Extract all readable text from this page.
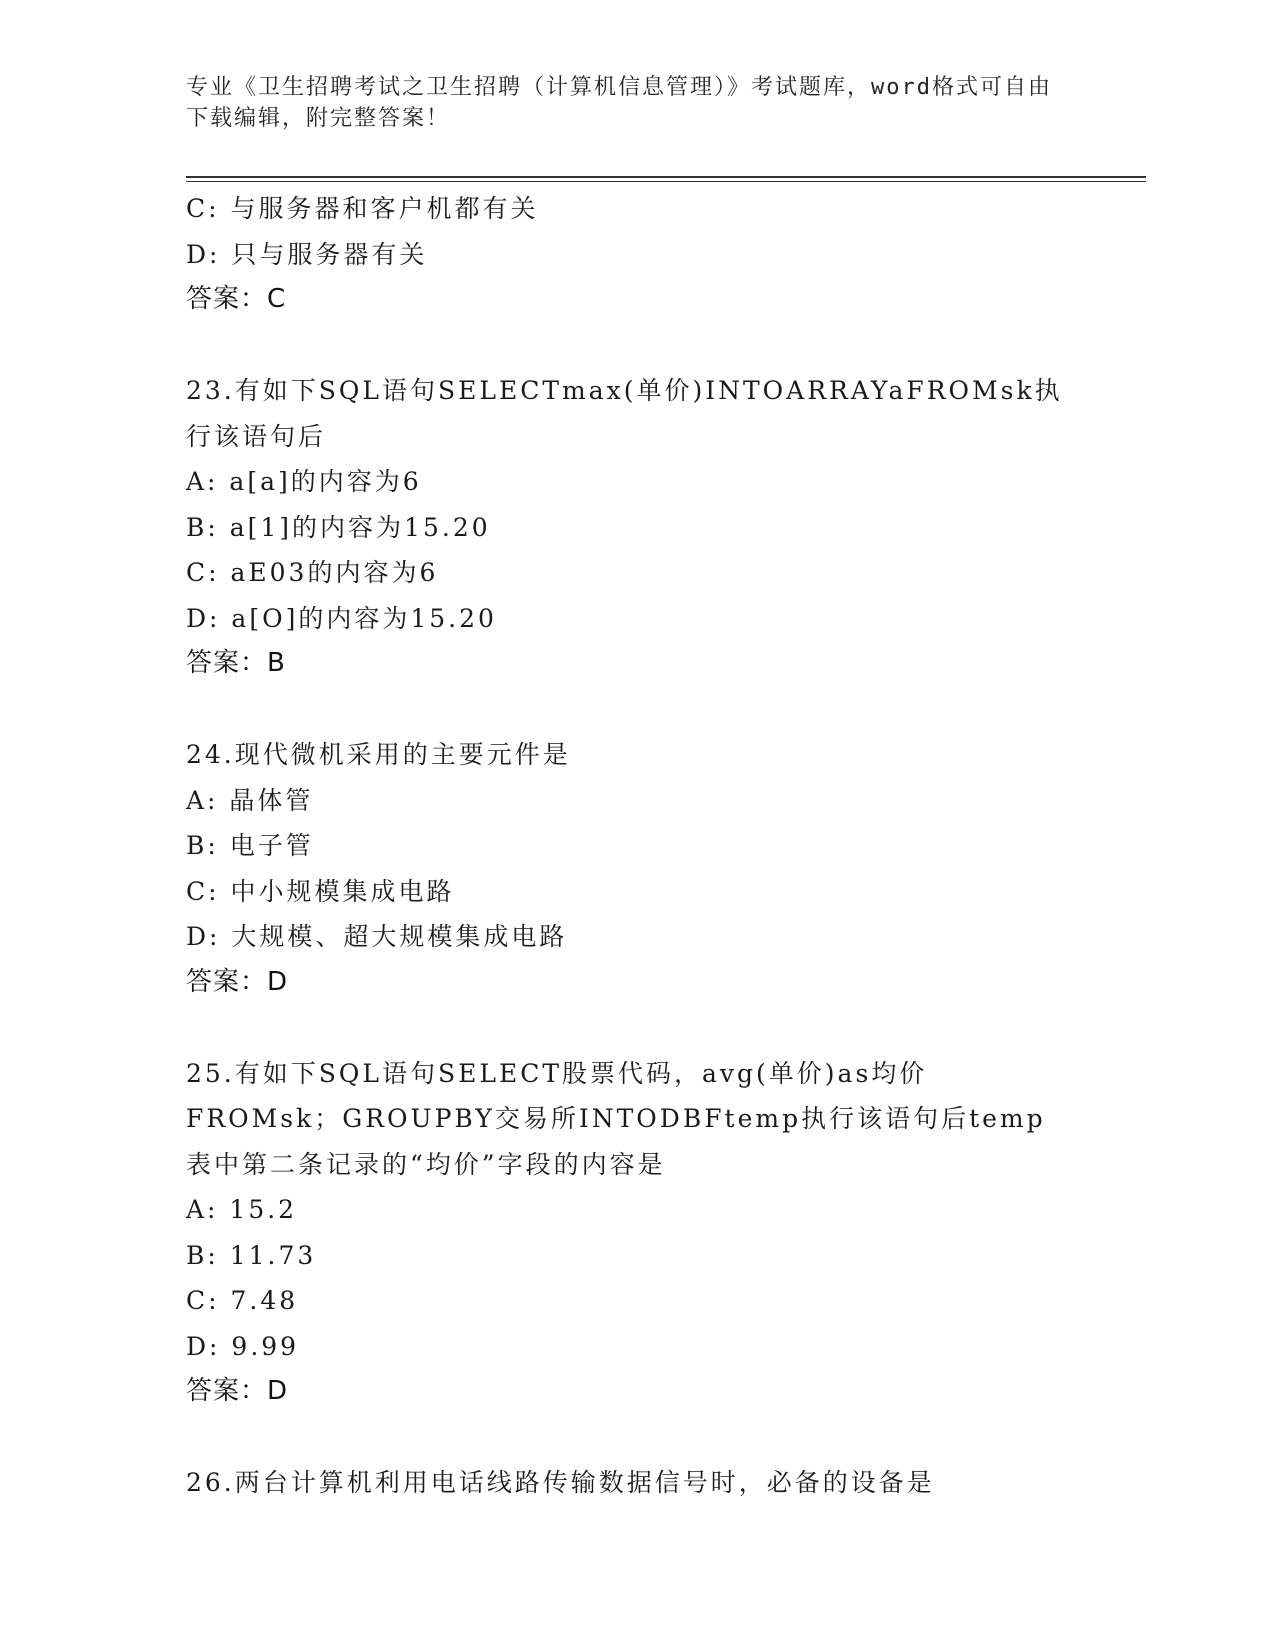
专业《卫生招聘考试之卫生招聘（计算机信息管理）》考试题库，word格式可自由下载编辑，附完整答案！
C: 与服务器和客户机都有关
D: 只与服务器有关
答案：C
23.有如下SQL语句SELECTmax(单价)INTOARRAYaFROMsk执行该语句后
A: a[a]的内容为6
B: a[1]的内容为15.20
C: aE03的内容为6
D: a[O]的内容为15.20
答案：B
24.现代微机采用的主要元件是
A: 晶体管
B: 电子管
C: 中小规模集成电路
D: 大规模、超大规模集成电路
答案：D
25.有如下SQL语句SELECT股票代码，avg(单价)as均价FROMsk；GROUPBY交易所INTODBFtemp执行该语句后temp表中第二条记录的“均价”字段的内容是
A: 15.2
B: 11.73
C: 7.48
D: 9.99
答案：D
26.两台计算机利用电话线路传输数据信号时，必备的设备是
